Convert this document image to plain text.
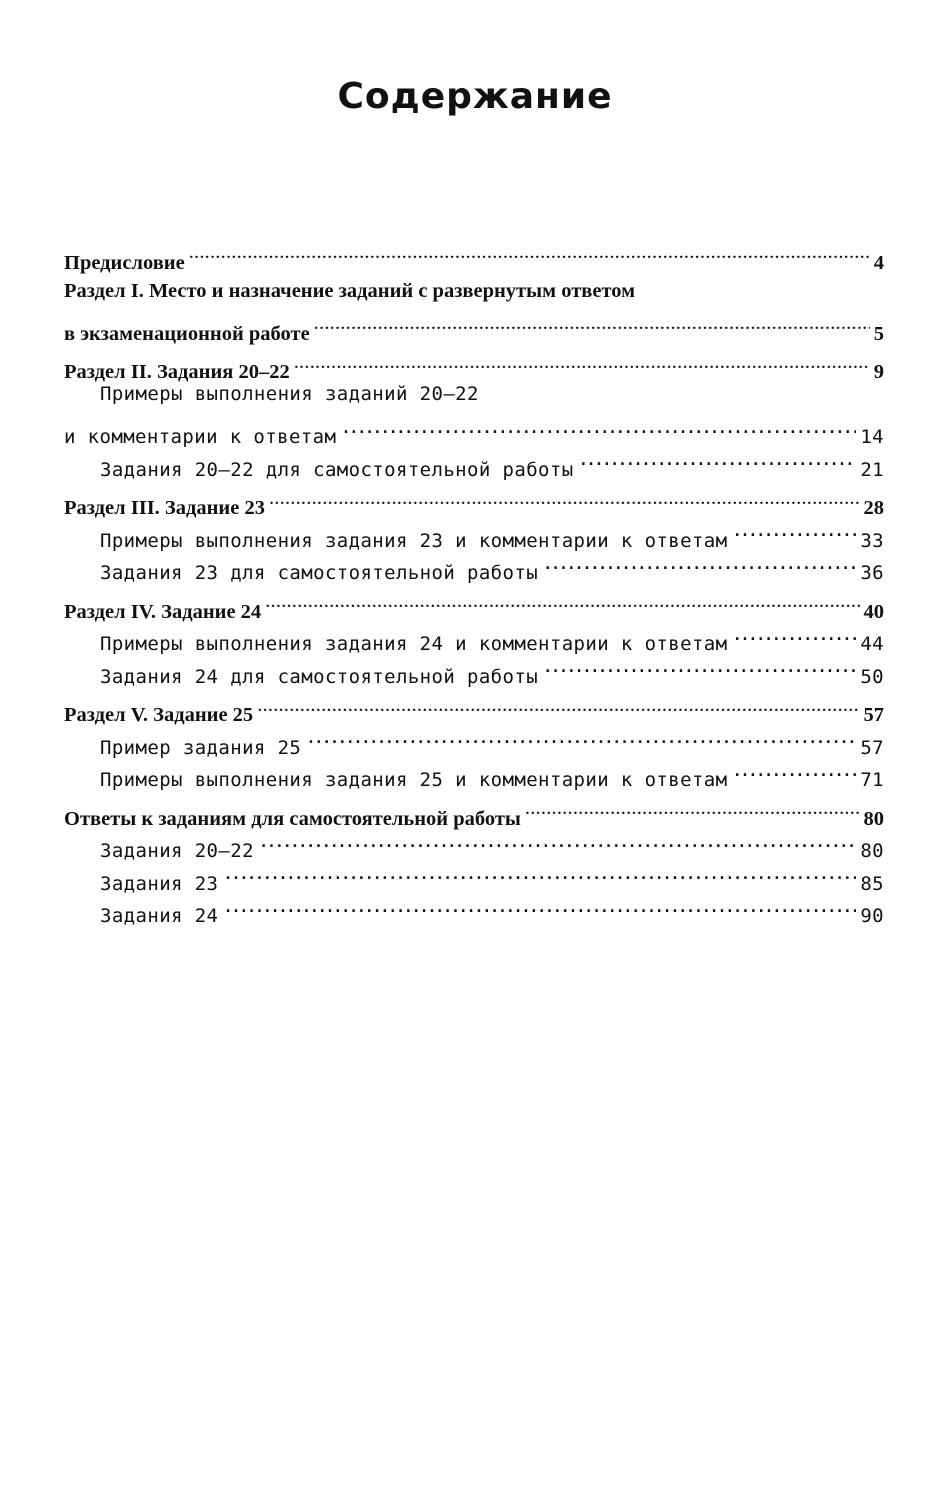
Содержание
Предисловие .....	4
Раздел I. Место и назначение заданий с развернутым ответом
в экзаменационной работе .....	5
Раздел II. Задания 20–22 .....	9
Примеры выполнения заданий 20–22
и комментарии к ответам .....	14
Задания 20–22 для самостоятельной работы .....	21
Раздел III. Задание 23 .....	28
Примеры выполнения задания 23 и комментарии к ответам .....	33
Задания 23 для самостоятельной работы .....	36
Раздел IV. Задание 24 .....	40
Примеры выполнения задания 24 и комментарии к ответам .....	44
Задания 24 для самостоятельной работы .....	50
Раздел V. Задание 25 .....	57
Пример задания 25 .....	57
Примеры выполнения задания 25 и комментарии к ответам .....	71
Ответы к заданиям для самостоятельной работы .....	80
Задания 20–22 .....	80
Задания 23 .....	85
Задания 24 .....	90
